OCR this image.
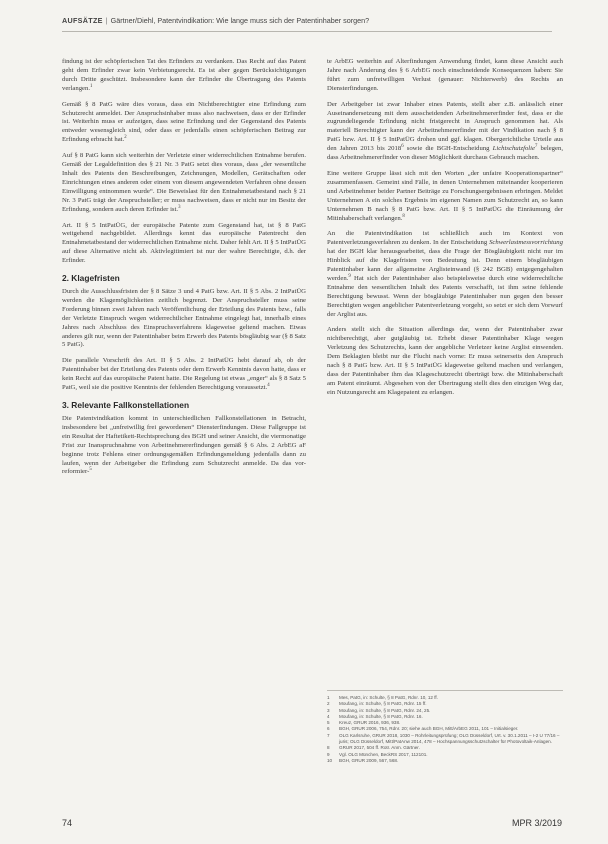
AUFSÄTZE | Gärtner/Diehl, Patentvindikation: Wie lange muss sich der Patentinhaber sorgen?

findung ist der schöpferischen Tat des Erfinders zu verdanken. Das Recht auf das Patent geht dem Erfinder zwar kein Verbietungsrecht. Es ist aber gegen Berücksichtigungen durch Dritte geschützt. Insbesondere kann der Erfinder die Übertragung des Patents verlangen.$^1$

Gemäß § 8 PatG wäre dies voraus, dass ein Nichtberechtigter eine Erfindung zum Schutzrecht anmeldet. Der Anspruchsinhaber muss also nachweisen, dass er der Erfinder ist. Weiterhin muss er aufzeigen, dass seine Erfindung und der Gegenstand des Patents entweder wesensgleich sind, oder dass er jedenfalls einen schöpferischen Beitrag zur Erfindung erbracht hat.$^2$

Auf § 8 PatG kann sich weiterhin der Verletzte einer widerrechtlichen Entnahme berufen. Gemäß der Legaldefinition des § 21 Nr. 3 PatG setzt dies voraus, dass „der wesentliche Inhalt des Patents den Beschreibungen, Zeichnungen, Modellen, Gerätschaften oder Einrichtungen eines anderen oder einem von diesem angewendeten Verfahren ohne dessen Einwilligung entnommen wurde“. Die Beweislast für den Entnahmetatbestand nach § 21 Nr. 3 PatG trägt der Anspruchsteller; er muss nachweisen, dass er nicht nur im Besitz der Erfindung, sondern auch deren Erfinder ist.$^3$

Art. II § 5 IntPatÜG, der europäische Patente zum Gegenstand hat, ist § 8 PatG weitgehend nachgebildet. Allerdings kennt das europäische Patentrecht den Entnahmetatbestand der widerrechtlichen Entnahme nicht. Daher fehlt Art. II § 5 IntPatÜG auf diese Alternative nicht ab. Aktivlegitimiert ist nur der wahre Berechtigte, d.h. der Erfinder.

2. Klagefristen

Durch die Ausschlussfristen der § 8 Sätze 3 und 4 PatG bzw. Art. II § 5 Abs. 2 IntPatÜG werden die Klagemöglichkeiten zeitlich begrenzt. Der Anspruchsteller muss seine Forderung binnen zwei Jahren nach Veröffentlichung der Erteilung des Patents bzw., falls der Verletzte Einspruch wegen widerrechtlicher Entnahme eingelegt hat, innerhalb eines Jahres nach Abschluss des Einspruchsverfahrens klageweise geltend machen. Etwas anderes gilt nur, wenn der Patentinhaber beim Erwerb des Patents bösgläubig war (§ 8 Satz 5 PatG).

Die parallele Vorschrift des Art. II § 5 Abs. 2 IntPatÜG hebt darauf ab, ob der Patentinhaber bei der Erteilung des Patents oder dem Erwerb Kenntnis davon hatte, dass er kein Recht auf das europäische Patent hatte. Die Regelung ist etwas „enger“ als § 8 Satz 5 PatG, weil sie die positive Kenntnis der fehlenden Berechtigung voraussetzt.$^4$

3. Relevante Fallkonstellationen

Die Patentvindikation kommt in unterschiedlichen Fallkonstellationen in Betracht, insbesondere bei „unfreiwillig frei gewordenen“ Diensterfindungen. Diese Fallgruppe ist ein Resultat der Haftetikett-Rechtsprechung des BGH und seiner Ansicht, die viermonatige Frist zur Inanspruchnahme von Arbeitnehmererfindungen gemäß § 6 Abs. 2 ArbEG aF beginne trotz Fehlens einer ordnungsgemäßen Erfindungsmeldung jedenfalls dann zu laufen, wenn der Arbeitgeber die Erfindung zum Schutzrecht anmelde. Da das vor-reformier-$^5$

te ArbEG weiterhin auf Alterfindungen Anwendung findet, kann diese Ansicht auch Jahre nach Änderung des § 6 ArbEG noch einschneidende Konsequenzen haben: Sie führt zum unfreiwilligen Verlust (genauer: Nichterwerb) des Rechts an Diensterfindungen.

Der Arbeitgeber ist zwar Inhaber eines Patents, stellt aber z.B. anlässlich einer Auseinandersetzung mit dem ausscheidenden Arbeitnehmererfinder fest, dass er die zugrundeliegende Erfindung nicht fristgerecht in Anspruch genommen hat. Als materiell Berechtigter kann der Arbeitnehmererfinder mit der Vindikation nach § 8 PatG bzw. Art. II § 5 IntPatÜG drohen und ggf. klagen. Obergerichtliche Urteile aus den Jahren 2013 bis 2018$^6$ sowie die BGH-Entscheidung Lichtschutzfolie$^7$ belegen, dass Arbeitnehmererfinder von dieser Möglichkeit durchaus Gebrauch machen.

Eine weitere Gruppe lässt sich mit den Worten „der unfaire Kooperationspartner“ zusammenfassen. Gemeint sind Fälle, in denen Unternehmen miteinander kooperieren und Arbeitnehmer beider Partner Beiträge zu Forschungsergebnissen erbringen. Meldet Unternehmen A ein solches Ergebnis im eigenen Namen zum Schutzrecht an, so kann Unternehmen B nach § 8 PatG bzw. Art. II § 5 IntPatÜG die Einräumung der Mitinhaberschaft verlangen.$^8$

An die Patentvindikation ist schließlich auch im Kontext von Patentverletzungsverfahren zu denken. In der Entscheidung Schwerlastmessvorrichtung hat der BGH klar herausgearbeitet, dass die Frage der Bösgläubigkeit nicht nur im Hinblick auf die Klagefristen von Bedeutung ist. Denn einem bösgläubigen Patentinhaber kann der allgemeine Arglisteinwand (§ 242 BGB) entgegengehalten werden.$^9$ Hat sich der Patentinhaber also beispielsweise durch eine widerrechtliche Entnahme den wesentlichen Inhalt des Patents verschafft, ist ihm seine fehlende Berechtigung bewusst. Wenn der bösgläubige Patentinhaber nun gegen den besser Berechtigten wegen angeblicher Patentverletzung vorgeht, so setzt er sich dem Vorwurf der Arglist aus.

Anders stellt sich die Situation allerdings dar, wenn der Patentinhaber zwar nichtberechtigt, aber gutgläubig ist. Erhebt dieser Patentinhaber Klage wegen Verletzung des Schutzrechts, kann der angebliche Verletzer keine Arglist einwenden. Dem Beklagten bleibt nur die Flucht nach vorne: Er muss seinerseits den Anspruch nach § 8 PatG bzw. Art. II § 5 IntPatÜG klageweise geltend machen und verlangen, dass der Patentinhaber ihm das Klageschutzrecht überträgt bzw. die Mitinhaberschaft am Patent einräumt. Abgesehen von der Übertragung stellt dies den einzigen Weg dar, ein Nutzungsrecht am Klagepatent zu erlangen.

1	Mes, PatG, in: Schulte, § 8 PatG, Rdnr. 10, 12 ff.

2	Moufang, in: Schulte, § 8 PatG, Rdnr. 15 ff.

3	Moufang, in: Schulte, § 8 PatG, Rdnr. 24, 25.

4	Moufang, in: Schulte, § 8 PatG, Rdnr. 16.

5	Kreuz, GRUR 2016, 936, 938.

6	BGH, GRUR 2006, 754, Rdnr. 20; siehe auch BGH, Mitt/ArbEG 2011, 101 – Initialsieger.

7	OLG Karlsruhe, GRUR 2018, 1030 – Rohrleitungsprüfung; OLG Düsseldorf, Urt. v. 30.1.2011 – I-2 U 77/16 – juris; OLG Düsseldorf, Mitt/PatAnw 2014, 478 – Hochspannungsschutzschalter für Photovoltaik-Anlagen.

8	GRUR 2017, 504 ff. Rotr. Anm. Gärtner.

9	Vgl. OLG München, BeckRS 2017, 112101.

10	BGH, GRUR 2009, 567, 568.

74	MPR 3/2019
